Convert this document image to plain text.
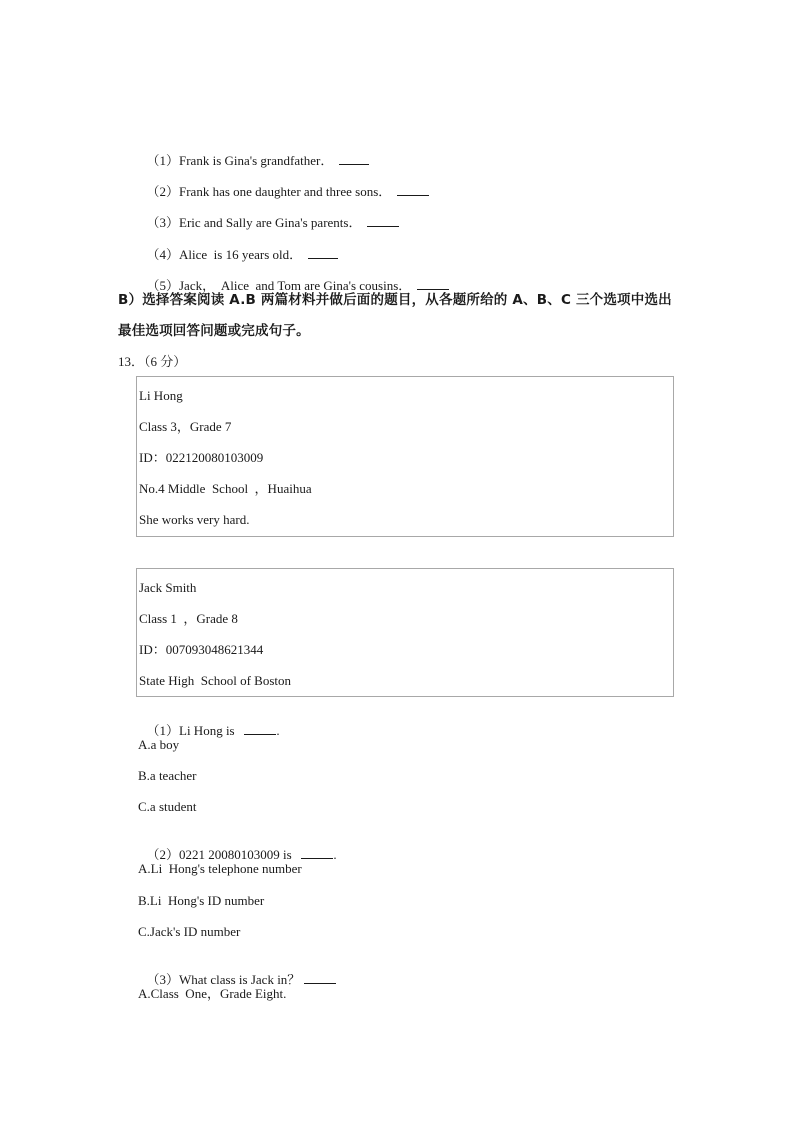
（1）Frank is Gina's grandfather．

（2）Frank has one daughter and three sons．

（3）Eric and Sally are Gina's parents．

（4）Alice  is 16 years old．

（5）Jack，  Alice  and Tom are Gina's cousins．

B）选择答案阅读 A.B 两篇材料并做后面的题目，从各题所给的 A、B、C 三个选项中选出
最佳选项回答问题或完成句子。
13．（6 分）
Li Hong
Class 3，Grade 7
ID：022120080103009
No.4 Middle  School  ，Huaihua
She works very hard.
Jack Smith
Class 1  ，Grade 8
ID：007093048621344
State High  School of Boston

（1）Li Hong is   .

A.a boy
B.a teacher
C.a student

（2）0221 20080103009 is   .

A.Li  Hong's telephone number
B.Li  Hong's ID number
C.Jack's ID number

（3）What class is Jack in？

A.Class  One，Grade Eight.
